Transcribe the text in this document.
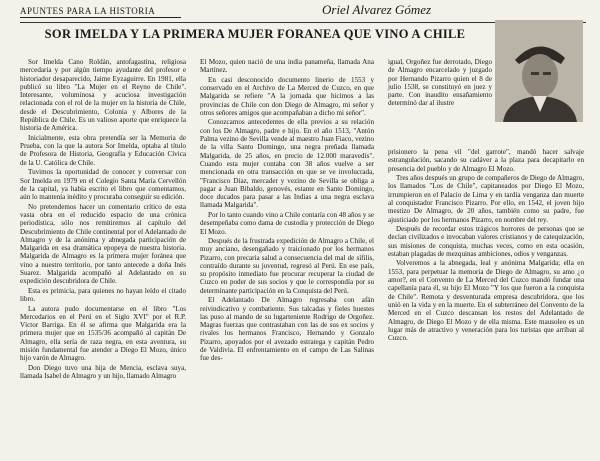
APUNTES PARA LA HISTORIA	Oriel Alvarez Gómez
SOR IMELDA Y LA PRIMERA MUJER FORANEA QUE VINO A CHILE

Sor Imelda Cano Roldán, antofagastina, religiosa mercedaria y por algún tiempo ayudante del profesor e historiador desaparecido, Jaime Eyzaguirre. En 1981, ella publicó su libro "La Mujer en el Reyno de Chile". Interesante, voluminosa y acuciosa investigación relacionada con el rol de la mujer en la historia de Chile, desde el Descubrimiento, Colonia y Albores de la República de Chile. Es un valioso aporte que enriquece la historia de América.

Inicialmente, esta obra pretendía ser la Memoria de Prueba, con la que la autora Sor Imelda, optaba al título de Profesora de Historia, Geografía y Educación Cívica de la U. Católica de Chile.

Tuvimos la oportunidad de conocer y conversar con Sor Imelda en 1979 en el Colegio Santa María Cervellón de la capital, ya había escrito el libro que comentamos, aún lo mantenía inédito y procuraba conseguir su edición.

No pretendemos hacer un comentario crítico de esta vasta obra en el reducido espacio de una crónica periodística, sólo nos remitiremos al capítulo del Descubrimiento de Chile continental por el Adelantado de Almagro y de la anónima y abnegada participación de Malgarida en esa dramática epopeya de nuestra historia. Malgarida de Almagro es la primera mujer foránea que vino a nuestro territorio, por tanto antecede a doña Inés Suarez. Malgarida acompañó al Adelantado en su expedición descubridora de Chile.

Esta es primicia, para quienes no hayan leído el citado libro.

La autora pudo documentarse en el libro "Los Mercedarios en el Perú en el Siglo XVI" por el R.P. Víctor Barriga. En él se afirma que Malgarida era la primera mujer que en 1535/36 acompañó al capitán De Almagro, ella sería de raza negra, en esta aventura, su misión fundamental fue atender a Diego El Mozo, único hijo varón de Almagro.

Don Diego tuvo una hija de Mencia, esclava suya, llamada Isabel de Almagro y un hijo, llamado Almagro

El Mozo, quien nació de una india panameña, llamada Ana Martínez.

En casi desconocido documento linerio de 1553 y conservado en el Archivo de La Merced de Cuzco, en que Malgarida se refiere "A la jornada que hicimos a las provincias de Chile con don Diego de Almagro, mi señor y otros señores amigos que acompañaban a dicho mi señor".

Conozcamos antecedentes de ella previos a su relación con los De Almagro, padre e hijo. En el año 1513, "Antón Palma vezino de Sevilla vende al maestro Juan Fiaco, vezino de la villa Santo Domingo, una negra preñada llamada Malgarida, de 25 años, en precio de 12.000 maravedís". Cuando esta mujer contaba con 38 años vuelve a ser mencionada en otra transacción en que se ve involucrada, "Francisco Díaz, mercader y vezino de Sevilla se obliga a pagar a Juan Bibaldo, genovés, estante en Santo Domingo, doce ducados para pasar a las Indias a una negra esclava llamada Malgarida".

Por lo tanto cuando vino a Chile contaría con 48 años y se desempeñaba como dama de custodia y protección de Diego El Mozo.

Después de la frustrada expedición de Almagro a Chile, el muy anciano, desengañado y traicionado por los hermanos Pizarro, con precaria salud a consecuencia del mal de sífilis, contraído durante su juventud, regresó al Perú. En ese país, su propósito inmediato fue procurar recuperar la ciudad de Cuzco en poder de sus socios y que le correspondía por su determinante participación en la Conquista del Perú.

El Adelantado De Almagro regresaba con afán reivindicativo y combatiente. Sus talcadas y fieles huestes las puso al mando de su lugarteniente Rodrigo de Orgoñez. Magras fuerzas que contrastaban con las de sus ex socios y rivales los hermanos Francisco, Hernando y Gonzalo Pizarro, apoyados por el avezado estratega y capitán Pedro de Valdivia. El enfrentamiento en el campo de Las Salinas fue des-

igual, Orgoñez fue derrotado, Diego de Almagro encarcelado y juzgado por Hernando Pizarro quien el 8 de julio 1538, se constituyó en juez y parte. Con inaudito ensañamiento determinó dar al ilustre

prisionero la pena vil "del garrote", mandó hacer salvaje estrangulación, sacando su cadáver a la plaza para decapitarlo en presencia del pueblo y de Almagro El Mozo.

Tres años después un grupo de compañeros de Diego de Almagro, los llamados "Los de Chile", capitaneados por Diego El Mozo, irrumpieron en el Palacio de Lima y en tardía venganza dan muerte al conquistador Francisco Pizarro. Por ello, en 1542, el joven hijo mestizo De Almagro, de 20 años, también como su padre, fue ajusticiado por los hermanos Pizarro, en nombre del rey.

Después de recordar estos trágicos horrores de personas que se decían civilizados e invocaban valores cristianos y de catequización, sus misiones de conquista, muchas veces, como en esta ocasión, estaban plagadas de mezquinas ambiciones, odios y venganzas.

Volveremos a la abnegada, leal y anónima Malgarida; ella en 1553, para perpetuar la memoria de Diego de Almagro, su amo ¿o amor?, en el Convento de La Merced del Cuzco mandó fundar una capellanía para él, su hijo El Mozo "Y los que fueron a la conquista de Chile". Remota y desventurada empresa descubridora, que los unió en la vida y en la muerte. En el subterráneo del Convento de la Merced en el Cuzco descansan los restos del Adelantado de Almagro, de Diego El Mozo y de ella misma. Este mausoleo es un lugar más de atractivo y veneración para los turistas que arriban al Cuzco.
